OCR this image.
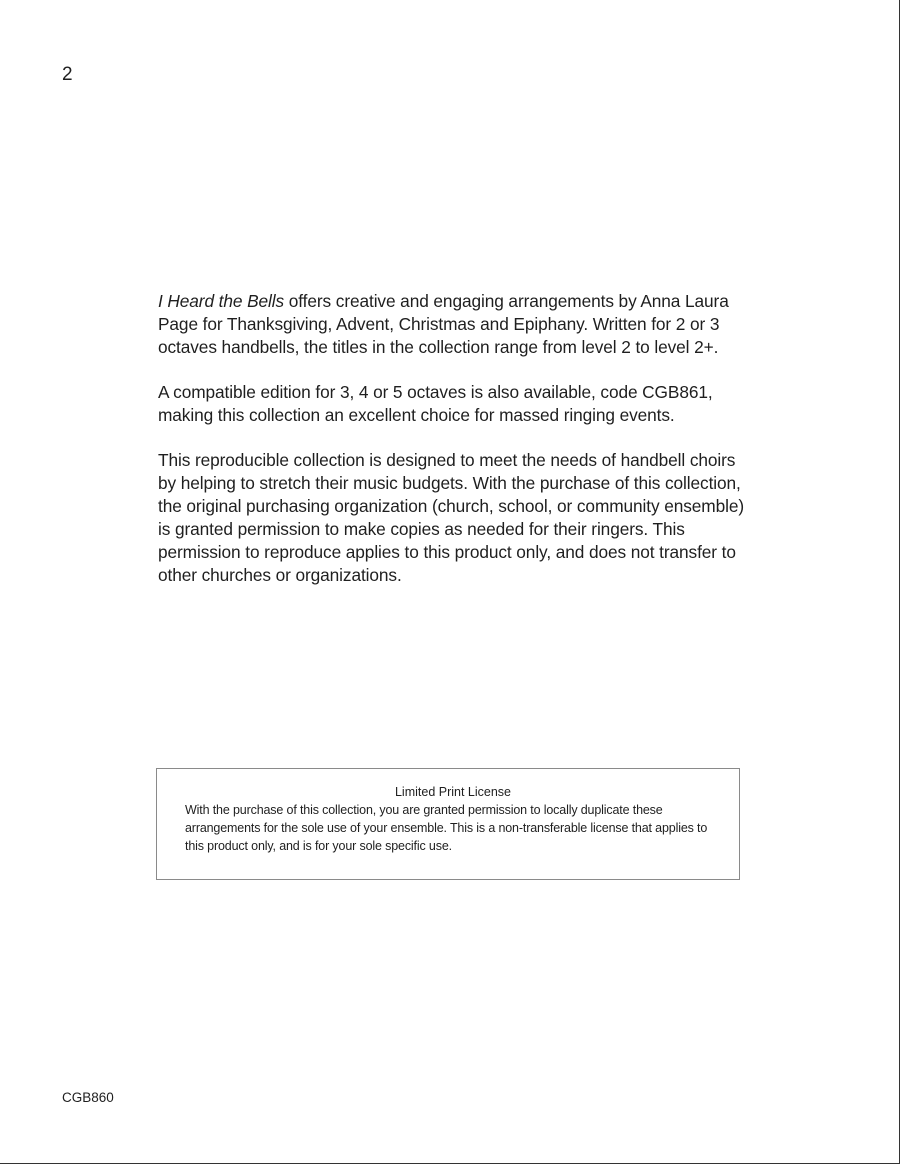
2

I Heard the Bells offers creative and engaging arrangements by Anna Laura Page for Thanksgiving, Advent, Christmas and Epiphany. Written for 2 or 3 octaves handbells, the titles in the collection range from level 2 to level 2+.

A compatible edition for 3, 4 or 5 octaves is also available, code CGB861, making this collection an excellent choice for massed ringing events.

This reproducible collection is designed to meet the needs of handbell choirs by helping to stretch their music budgets. With the purchase of this collection, the original purchasing organization (church, school, or community ensemble) is granted permission to make copies as needed for their ringers. This permission to reproduce applies to this product only, and does not transfer to other churches or organizations.

Limited Print License

With the purchase of this collection, you are granted permission to locally duplicate these arrangements for the sole use of your ensemble. This is a non-transferable license that applies to this product only, and is for your sole specific use.

CGB860
